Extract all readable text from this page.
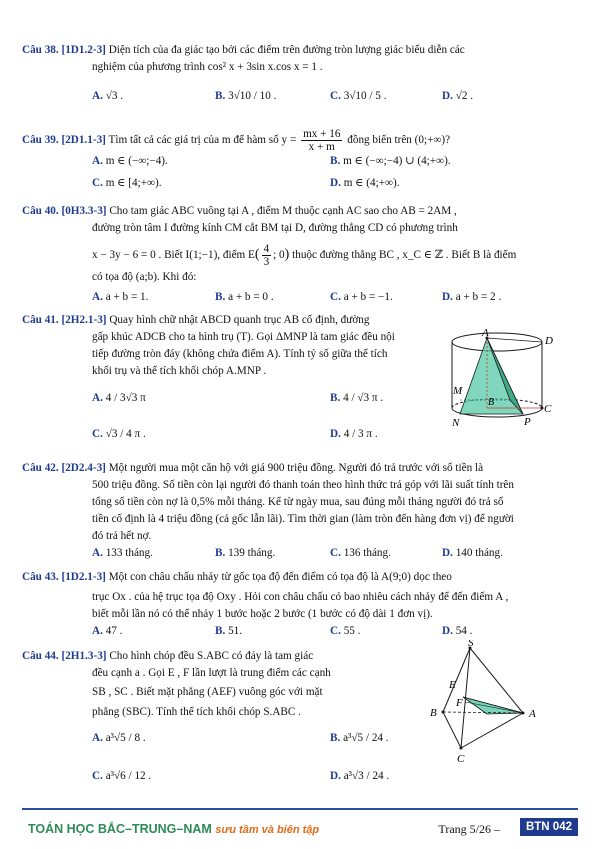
Câu 38. [1D1.2-3] Diện tích của đa giác tạo bởi các điểm trên đường tròn lượng giác biểu diễn các
nghiệm của phương trình cos² x + 3sin x.cos x = 1 .
A. √3 .	B. 3√10 / 10 .	C. 3√10 / 5 .	D. √2 .
Câu 39. [2D1.1-3] Tìm tất cả các giá trị của m để hàm số $y = \frac{mx + 16}{x + m}$ đồng biến trên (0;+∞)?
A. m ∈ (−∞;−4).	B. m ∈ (−∞;−4) ∪ (4;+∞).
C. m ∈ [4;+∞).	D. m ∈ (4;+∞).
Câu 40. [0H3.3-3] Cho tam giác ABC vuông tại A , điểm M thuộc cạnh AC sao cho AB = 2AM ,
đường tròn tâm I đường kính CM cắt BM tại D, đường thẳng CD có phương trình
x − 3y − 6 = 0 . Biết I(1;−1), điểm $E( \frac{4}{3}$ ; 0) thuộc đường thẳng BC , x_C ∈ ℤ . Biết B là điểm
có tọa độ (a;b). Khi đó:
A. a + b = 1.	B. a + b = 0 .	C. a + b = −1.	D. a + b = 2 .
Câu 41. [2H2.1-3] Quay hình chữ nhật ABCD quanh trục AB cố định, đường
gấp khúc ADCB cho ta hình trụ (T). Gọi ΔMNP là tam giác đều nội
tiếp đường tròn đáy (không chứa điểm A). Tính tỷ số giữa thể tích
khối trụ và thể tích khối chóp A.MNP .
A. 4 / 3√3 π	B. 4 / √3 π .
C. √3 / 4 π .	D. 4 / 3 π .
A
D
M
B
C
N	P
Câu 42. [2D2.4-3] Một người mua một căn hộ với giá 900 triệu đồng. Người đó trả trước với số tiền là
500 triệu đồng. Số tiền còn lại người đó thanh toán theo hình thức trả góp với lãi suất tính trên
tổng số tiền còn nợ là 0,5% mỗi tháng. Kể từ ngày mua, sau đúng mỗi tháng người đó trả số
tiền cố định là 4 triệu đồng (cả gốc lẫn lãi). Tìm thời gian (làm tròn đến hàng đơn vị) để người
đó trả hết nợ.
A. 133 tháng.	B. 139 tháng.	C. 136 tháng.	D. 140 tháng.
Câu 43. [1D2.1-3] Một con châu chấu nhảy từ gốc tọa độ đến điểm có tọa độ là A(9;0) dọc theo
trục Ox . của hệ trục tọa độ Oxy . Hỏi con châu chấu có bao nhiêu cách nhảy để đến điểm A ,
biết mỗi lần nó có thể nhảy 1 bước hoặc 2 bước (1 bước có độ dài 1 đơn vị).
A. 47 .	B. 51.	C. 55 .	D. 54 .
Câu 44. [2H1.3-3] Cho hình chóp đều S.ABC có đáy là tam giác
đều cạnh a . Gọi E , F lần lượt là trung điểm các cạnh
SB , SC . Biết mặt phẳng (AEF) vuông góc với mặt
phẳng (SBC). Tính thể tích khối chóp S.ABC .
A. a³√5 / 8 .	B. a³√5 / 24 .
C. a³√6 / 12 .	D. a³√3 / 24 .
S
E
B
F
A
C
TOÁN HỌC BẮC–TRUNG–NAM sưu tầm và biên tập	Trang 5/26 –	BTN 042
